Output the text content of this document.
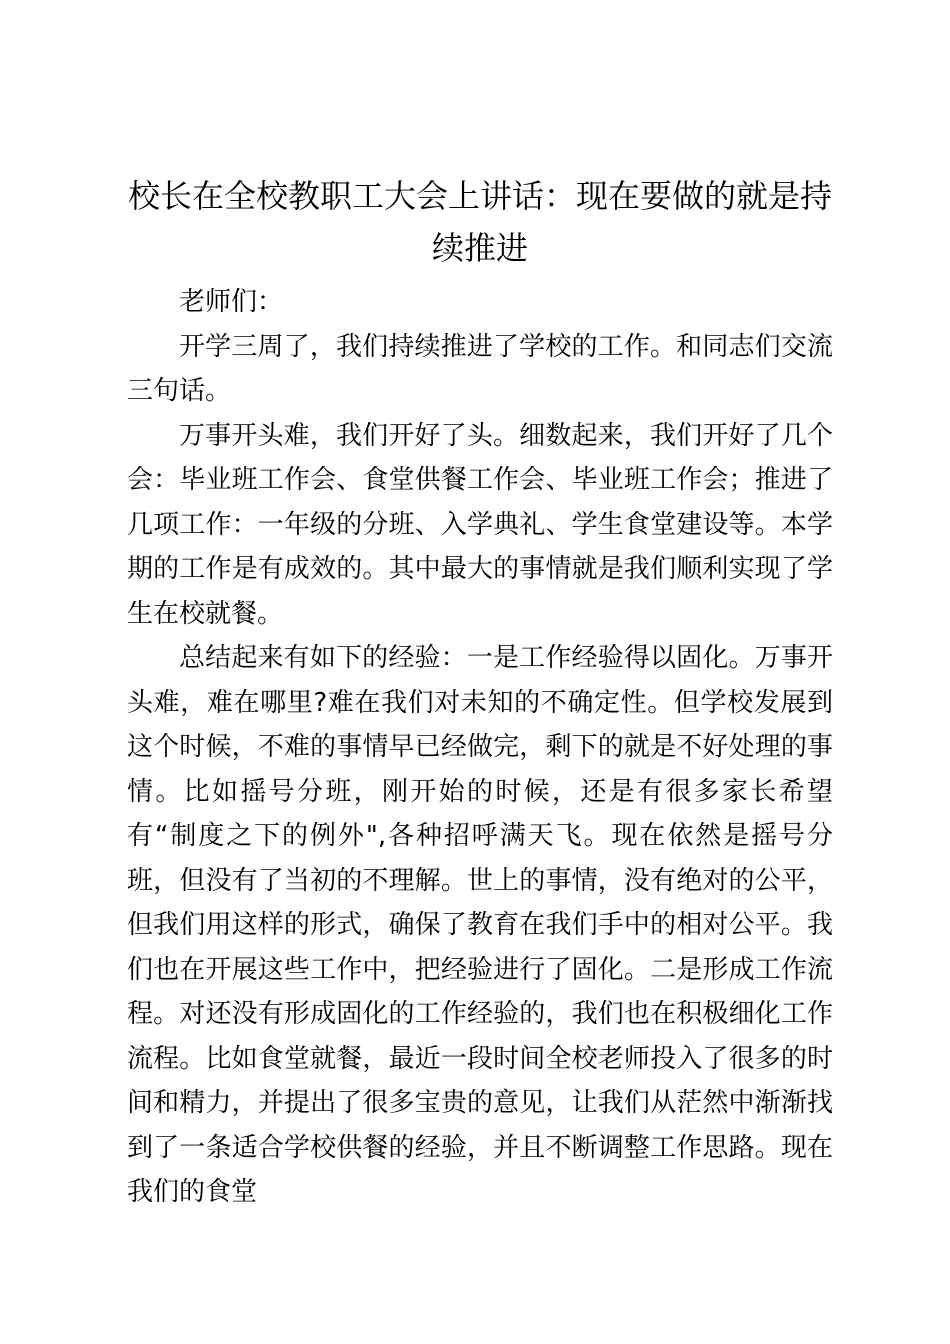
校长在全校教职工大会上讲话：现在要做的就是持续推进

老师们：

开学三周了，我们持续推进了学校的工作。和同志们交流三句话。

万事开头难，我们开好了头。细数起来，我们开好了几个会：毕业班工作会、食堂供餐工作会、毕业班工作会；推进了几项工作：一年级的分班、入学典礼、学生食堂建设等。本学期的工作是有成效的。其中最大的事情就是我们顺利实现了学生在校就餐。

总结起来有如下的经验：一是工作经验得以固化。万事开头难，难在哪里?难在我们对未知的不确定性。但学校发展到这个时候，不难的事情早已经做完，剩下的就是不好处理的事情。比如摇号分班，刚开始的时候，还是有很多家长希望有“制度之下的例外",各种招呼满天飞。现在依然是摇号分班，但没有了当初的不理解。世上的事情，没有绝对的公平，但我们用这样的形式，确保了教育在我们手中的相对公平。我们也在开展这些工作中，把经验进行了固化。二是形成工作流程。对还没有形成固化的工作经验的，我们也在积极细化工作流程。比如食堂就餐，最近一段时间全校老师投入了很多的时间和精力，并提出了很多宝贵的意见，让我们从茫然中渐渐找到了一条适合学校供餐的经验，并且不断调整工作思路。现在我们的食堂
